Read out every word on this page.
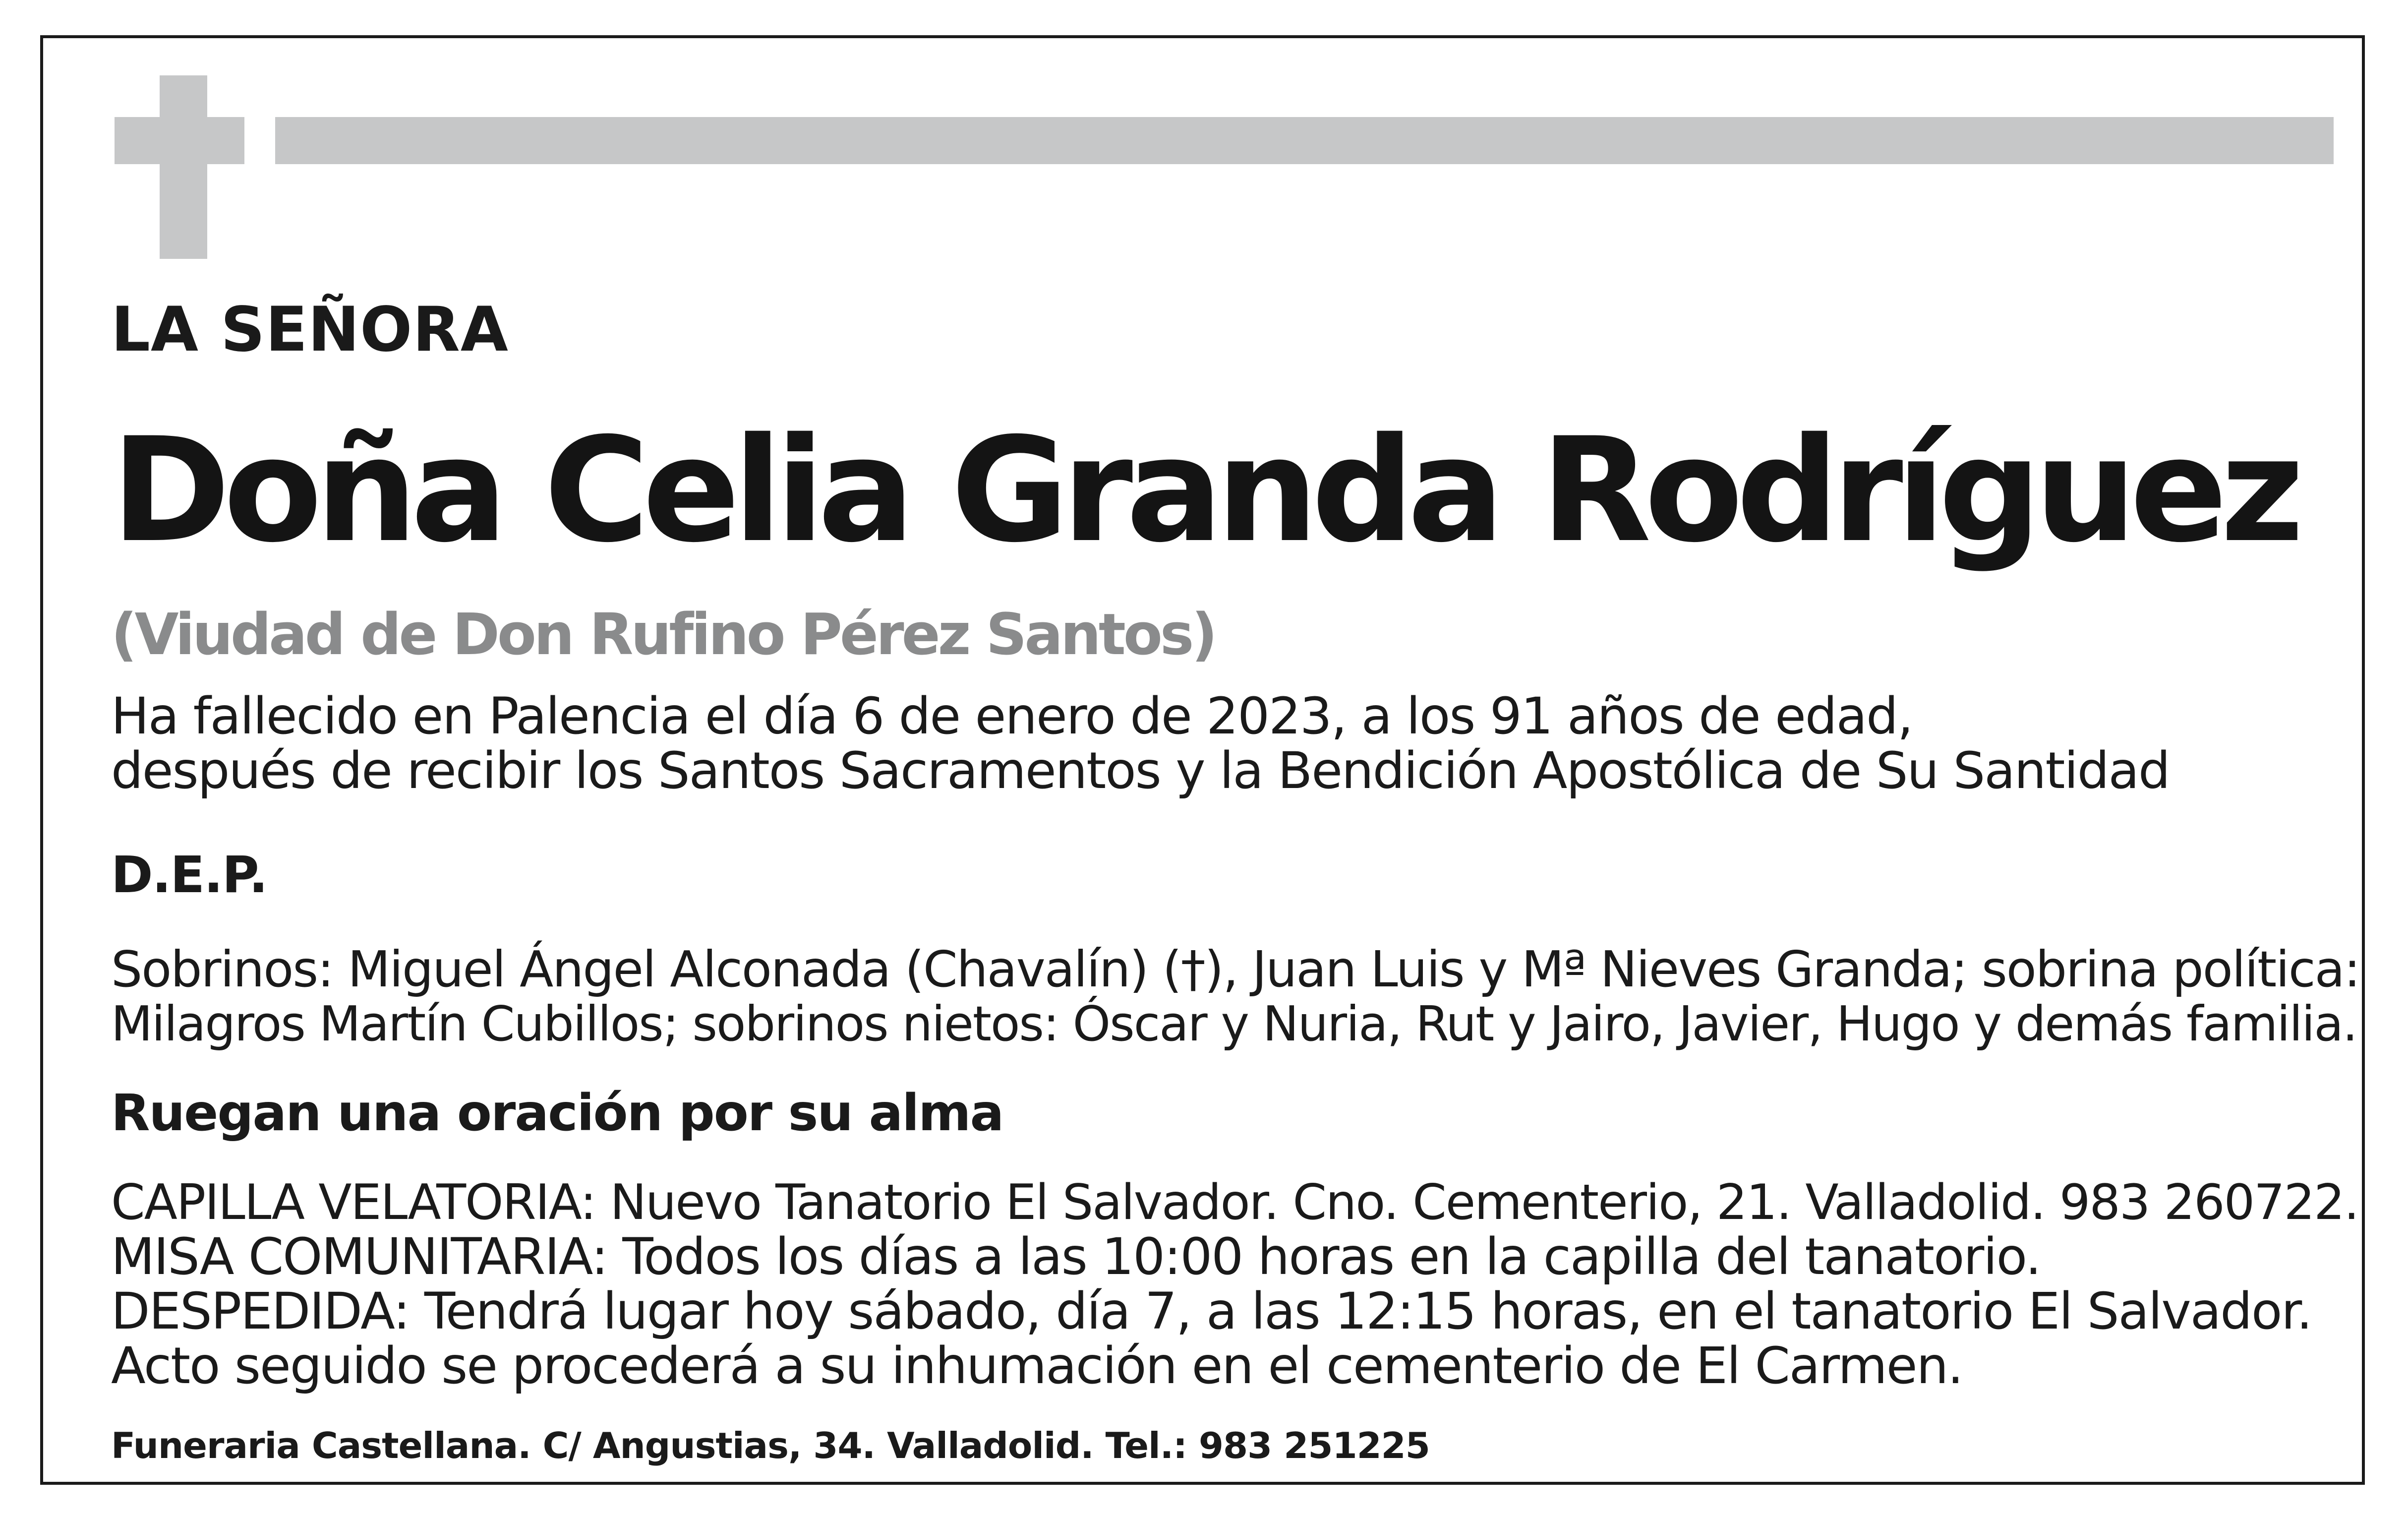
LA SEÑORA
Doña Celia Granda Rodríguez
(Viudad de Don Rufino Pérez Santos)
Ha fallecido en Palencia el día 6 de enero de 2023, a los 91 años de edad,
después de recibir los Santos Sacramentos y la Bendición Apostólica de Su Santidad
D.E.P.
Sobrinos: Miguel Ángel Alconada (Chavalín) (†), Juan Luis y Mª Nieves Granda; sobrina política:
Milagros Martín Cubillos; sobrinos nietos: Óscar y Nuria, Rut y Jairo, Javier, Hugo y demás familia.
Ruegan una oración por su alma
CAPILLA VELATORIA: Nuevo Tanatorio El Salvador. Cno. Cementerio, 21. Valladolid. 983 260722.
MISA COMUNITARIA: Todos los días a las 10:00 horas en la capilla del tanatorio.
DESPEDIDA: Tendrá lugar hoy sábado, día 7, a las 12:15 horas, en el tanatorio El Salvador.
Acto seguido se procederá a su inhumación en el cementerio de El Carmen.
Funeraria Castellana. C/ Angustias, 34. Valladolid. Tel.: 983 251225
